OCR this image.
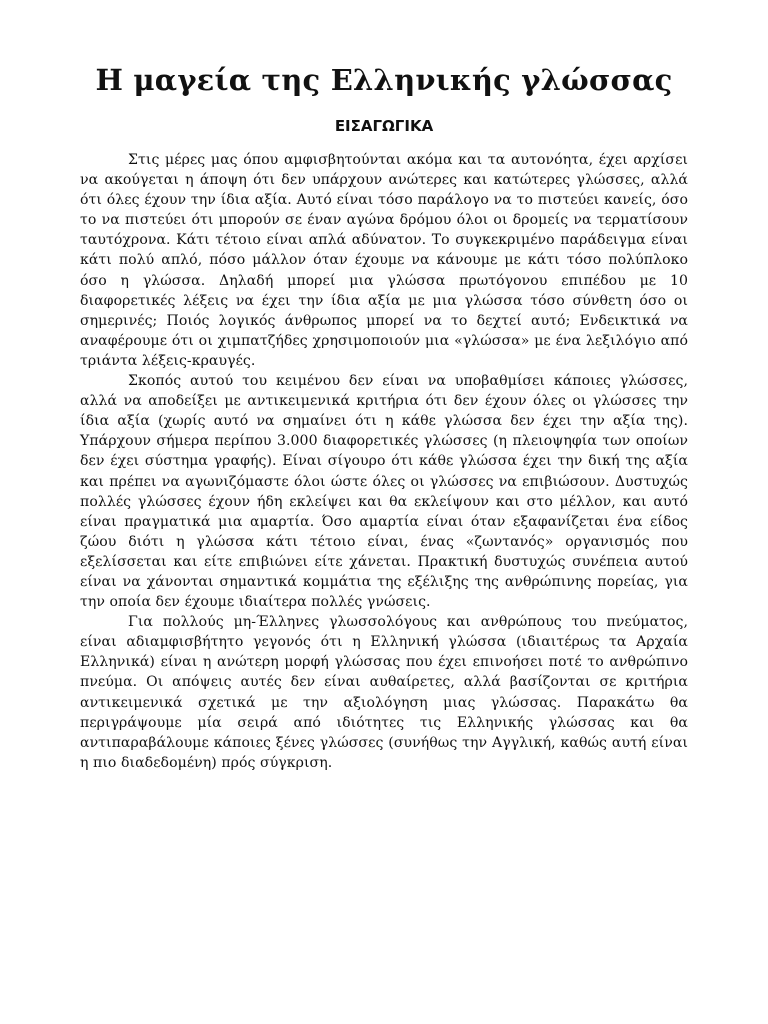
Η μαγεία της Ελληνικής γλώσσας
ΕΙΣΑΓΩΓΙΚΑ

Στις μέρες μας όπου αμφισβητούνται ακόμα και τα αυτονόητα, έχει αρχίσει να ακούγεται η άποψη ότι δεν υπάρχουν ανώτερες και κατώτερες γλώσσες, αλλά ότι όλες έχουν την ίδια αξία. Αυτό είναι τόσο παράλογο να το πιστεύει κανείς, όσο το να πιστεύει ότι μπορούν σε έναν αγώνα δρόμου όλοι οι δρομείς να τερματίσουν ταυτόχρονα. Κάτι τέτοιο είναι απλά αδύνατον. Το συγκεκριμένο παράδειγμα είναι κάτι πολύ απλό, πόσο μάλλον όταν έχουμε να κάνουμε με κάτι τόσο πολύπλοκο όσο η γλώσσα. Δηλαδή μπορεί μια γλώσσα πρωτόγονου επιπέδου με 10 διαφορετικές λέξεις να έχει την ίδια αξία με μια γλώσσα τόσο σύνθετη όσο οι σημερινές; Ποιός λογικός άνθρωπος μπορεί να το δεχτεί αυτό; Ενδεικτικά να αναφέρουμε ότι οι χιμπατζήδες χρησιμοποιούν μια «γλώσσα» με ένα λεξιλόγιο από τριάντα λέξεις-κραυγές.

Σκοπός αυτού του κειμένου δεν είναι να υποβαθμίσει κάποιες γλώσσες, αλλά να αποδείξει με αντικειμενικά κριτήρια ότι δεν έχουν όλες οι γλώσσες την ίδια αξία (χωρίς αυτό να σημαίνει ότι η κάθε γλώσσα δεν έχει την αξία της). Υπάρχουν σήμερα περίπου 3.000 διαφορετικές γλώσσες (η πλειοψηφία των οποίων δεν έχει σύστημα γραφής). Είναι σίγουρο ότι κάθε γλώσσα έχει την δική της αξία και πρέπει να αγωνιζόμαστε όλοι ώστε όλες οι γλώσσες να επιβιώσουν. Δυστυχώς πολλές γλώσσες έχουν ήδη εκλείψει και θα εκλείψουν και στο μέλλον, και αυτό είναι πραγματικά μια αμαρτία. Όσο αμαρτία είναι όταν εξαφανίζεται ένα είδος ζώου διότι η γλώσσα κάτι τέτοιο είναι, ένας «ζωντανός» οργανισμός που εξελίσσεται και είτε επιβιώνει είτε χάνεται. Πρακτική δυστυχώς συνέπεια αυτού είναι να χάνονται σημαντικά κομμάτια της εξέλιξης της ανθρώπινης πορείας, για την οποία δεν έχουμε ιδιαίτερα πολλές γνώσεις.

Για πολλούς μη-Έλληνες γλωσσολόγους και ανθρώπους του πνεύματος, είναι αδιαμφισβήτητο γεγονός ότι η Ελληνική γλώσσα (ιδιαιτέρως τα Αρχαία Ελληνικά) είναι η ανώτερη μορφή γλώσσας που έχει επινοήσει ποτέ το ανθρώπινο πνεύμα. Οι απόψεις αυτές δεν είναι αυθαίρετες, αλλά βασίζονται σε κριτήρια αντικειμενικά σχετικά με την αξιολόγηση μιας γλώσσας. Παρακάτω θα περιγράψουμε μία σειρά από ιδιότητες τις Ελληνικής γλώσσας και θα αντιπαραβάλουμε κάποιες ξένες γλώσσες (συνήθως την Αγγλική, καθώς αυτή είναι η πιο διαδεδομένη) πρός σύγκριση.
